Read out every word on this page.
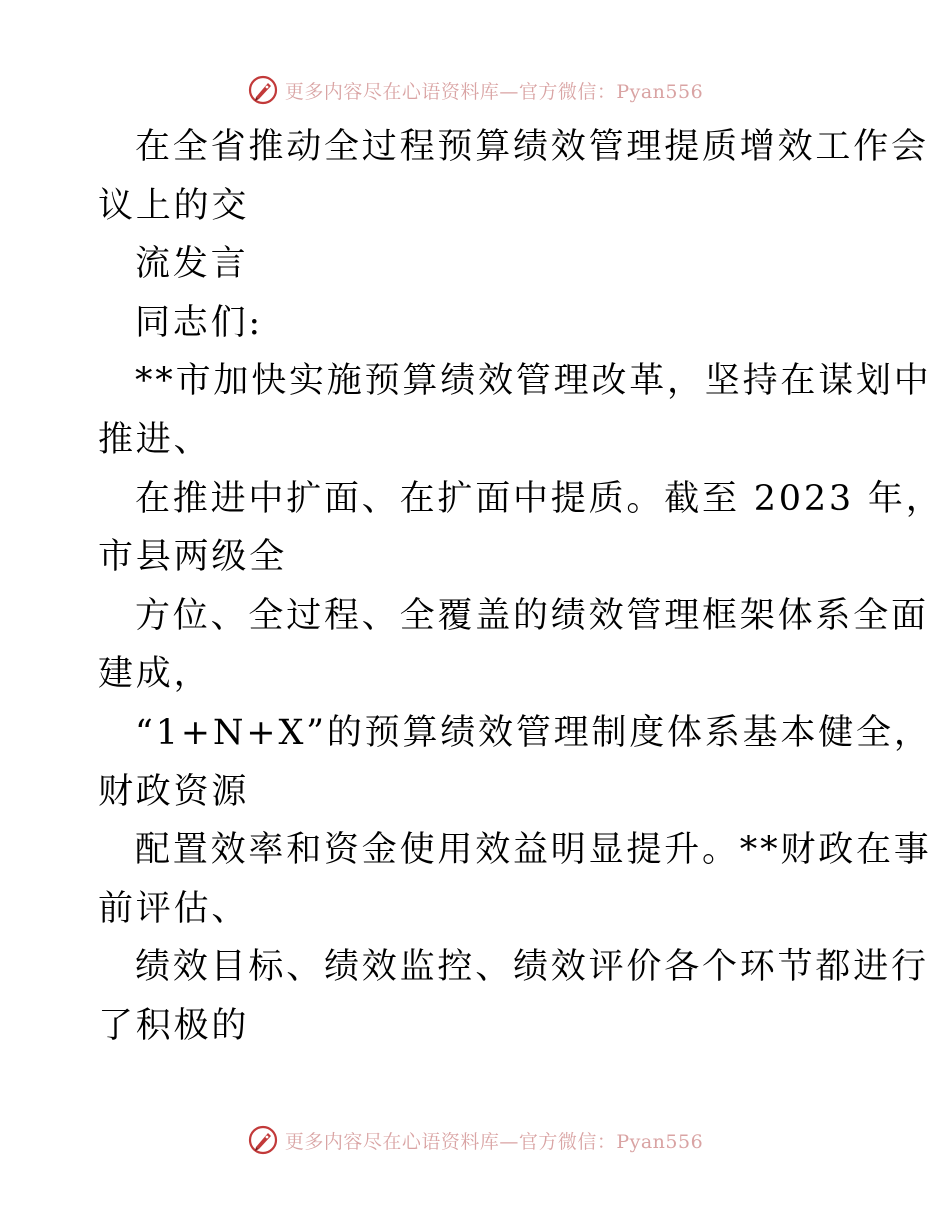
更多内容尽在心语资料库—官方微信：Pyan556
在全省推动全过程预算绩效管理提质增效工作会
议上的交
流发言
同志们:
**市加快实施预算绩效管理改革，坚持在谋划中
推进、
在推进中扩面、在扩面中提质。截至 2023 年，
市县两级全
方位、全过程、全覆盖的绩效管理框架体系全面
建成，
“1+N+X”的预算绩效管理制度体系基本健全，
财政资源
配置效率和资金使用效益明显提升。**财政在事
前评估、
绩效目标、绩效监控、绩效评价各个环节都进行
了积极的
更多内容尽在心语资料库—官方微信：Pyan556
